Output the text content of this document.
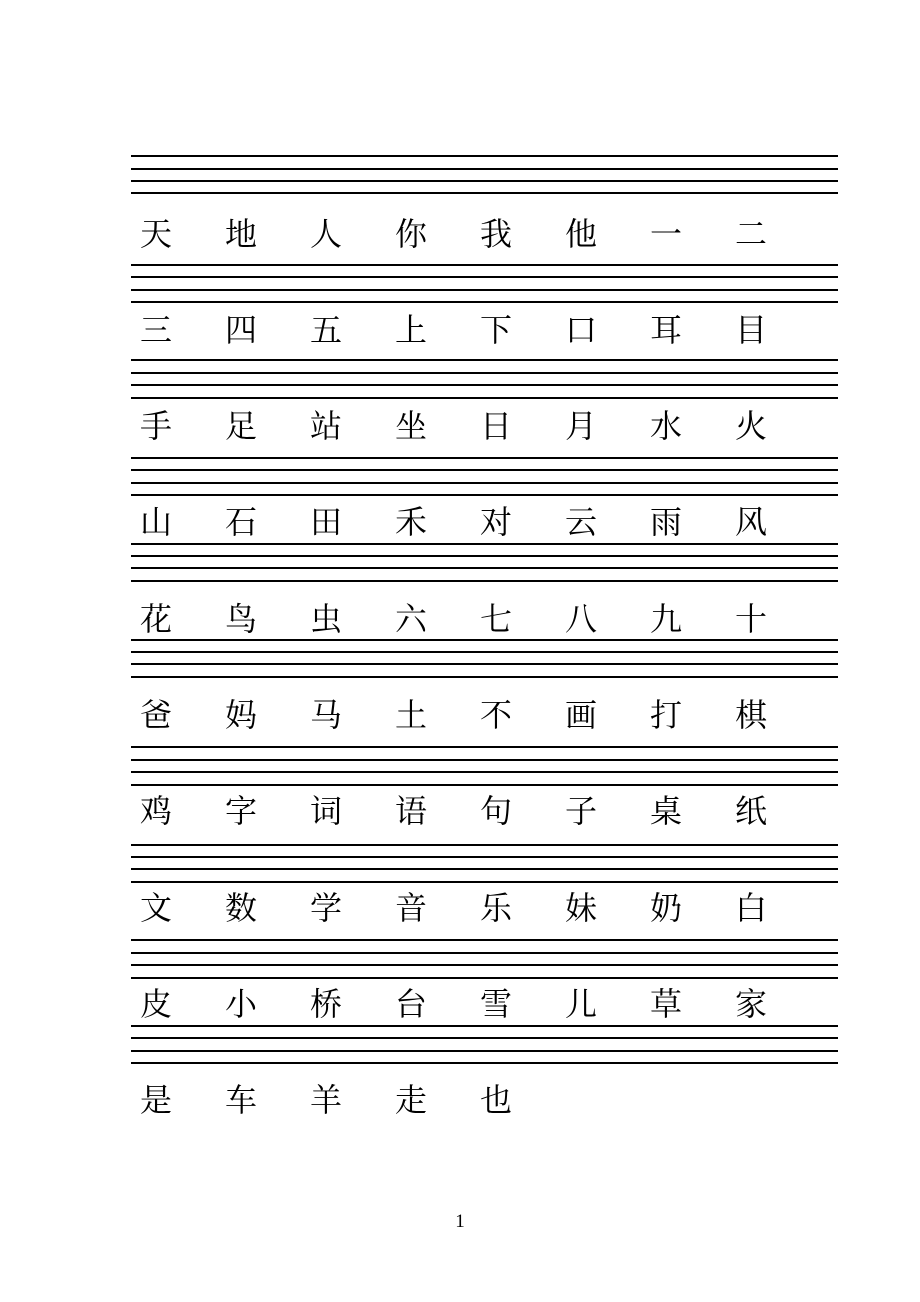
天 地 人 你 我 他 一 二
三 四 五 上 下 口 耳 目
手 足 站 坐 日 月 水 火
山 石 田 禾 对 云 雨 风
花 鸟 虫 六 七 八 九 十
爸 妈 马 土 不 画 打 棋
鸡 字 词 语 句 子 桌 纸
文 数 学 音 乐 妹 奶 白
皮 小 桥 台 雪 儿 草 家
是 车 羊 走 也
1
